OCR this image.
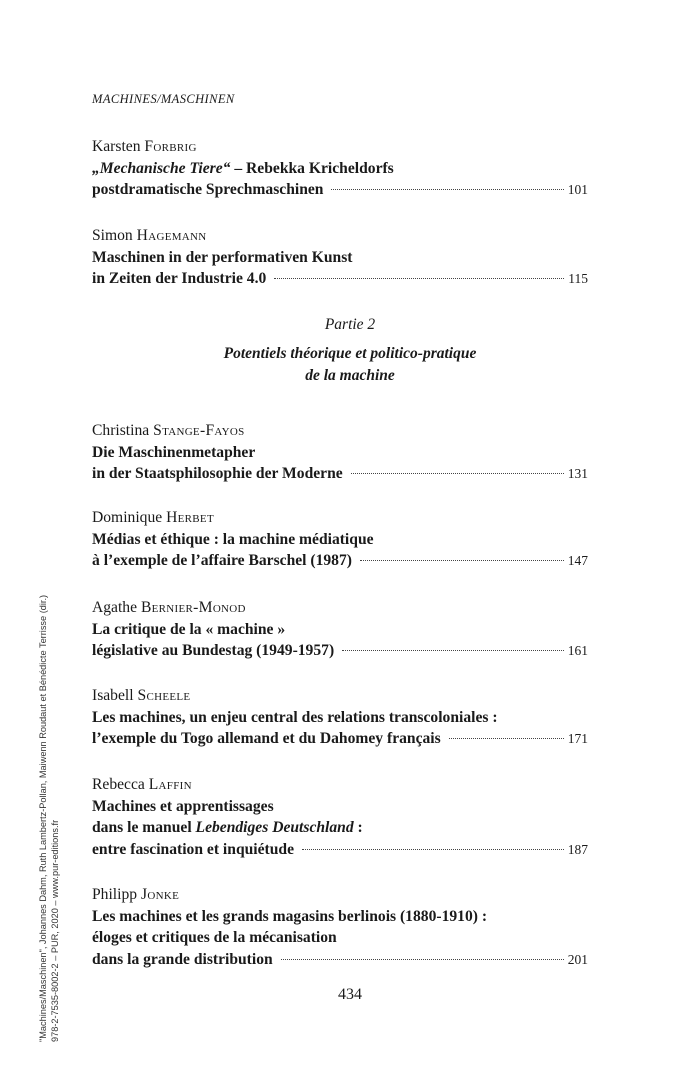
MACHINES/MASCHINEN
Karsten Forbrig
„Mechanische Tiere“ – Rebekka Kricheldorfs
postdramatische Sprechmaschinen	101
Simon Hagemann
Maschinen in der performativen Kunst
in Zeiten der Industrie 4.0	115
Partie 2
Potentiels théorique et politico-pratique
de la machine
Christina Stange-Fayos
Die Maschinenmetapher
in der Staatsphilosophie der Moderne	131
Dominique Herbet
Médias et éthique : la machine médiatique
à l’exemple de l’affaire Barschel (1987)	147
Agathe Bernier-Monod
La critique de la « machine »
législative au Bundestag (1949-1957)	161
Isabell Scheele
Les machines, un enjeu central des relations transcoloniales :
l’exemple du Togo allemand et du Dahomey français	171
Rebecca Laffin
Machines et apprentissages
dans le manuel Lebendiges Deutschland :
entre fascination et inquiétude	187
Philipp Jonke
Les machines et les grands magasins berlinois (1880-1910) :
éloges et critiques de la mécanisation
dans la grande distribution	201
434
"Machines/Maschinen", Johannes Dahm, Ruth Lambertz-Pollan, Maiwenn Roudaut et Bénédicte Terrisse (dir.) 978-2-7535-8002-2 – PUR, 2020 – www.pur-editions.fr
